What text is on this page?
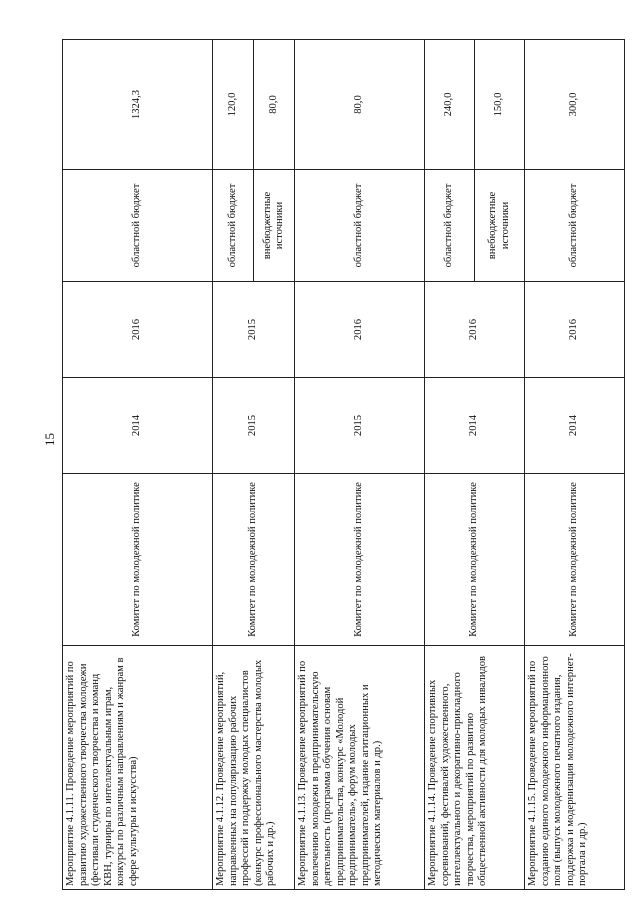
15
Мероприятие 4.1.11. Проведение мероприятий по развитию художественного творчества молодежи (фестивали студенческого творчества и команд КВН, турниры по интеллектуальным играм, конкурсы по различным направлениям и жанрам в сфере культуры и искусства)	Комитет по молодежной политике	2014	2016	областной бюджет	1324,3
Мероприятие 4.1.12. Проведение мероприятий, направленных на популяризацию рабочих профессий и поддержку молодых специалистов (конкурс профессионального мастерства молодых рабочих и др.)	Комитет по молодежной политике	2015	2015	областной бюджет	120,0
				внебюджетные источники	80,0
Мероприятие 4.1.13. Проведение мероприятий по вовлечению молодежи в предпринимательскую деятельность (программа обучения основам предпринимательства, конкурс «Молодой предприниматель», форум молодых предпринимателей, издание агитационных и методических материалов и др.)	Комитет по молодежной политике	2015	2016	областной бюджет	80,0
Мероприятие 4.1.14. Проведение спортивных соревнований, фестивалей художественного, интеллектуального и декоративно-прикладного творчества, мероприятий по развитию общественной активности для молодых инвалидов	Комитет по молодежной политике	2014	2016	областной бюджет	240,0
				внебюджетные источники	150,0
Мероприятие 4.1.15. Проведение мероприятий по созданию единого молодежного информационного поля (выпуск молодежного печатного издания, поддержка и модернизация молодежного интернет-портала и др.)	Комитет по молодежной политике	2014	2016	областной бюджет	300,0
